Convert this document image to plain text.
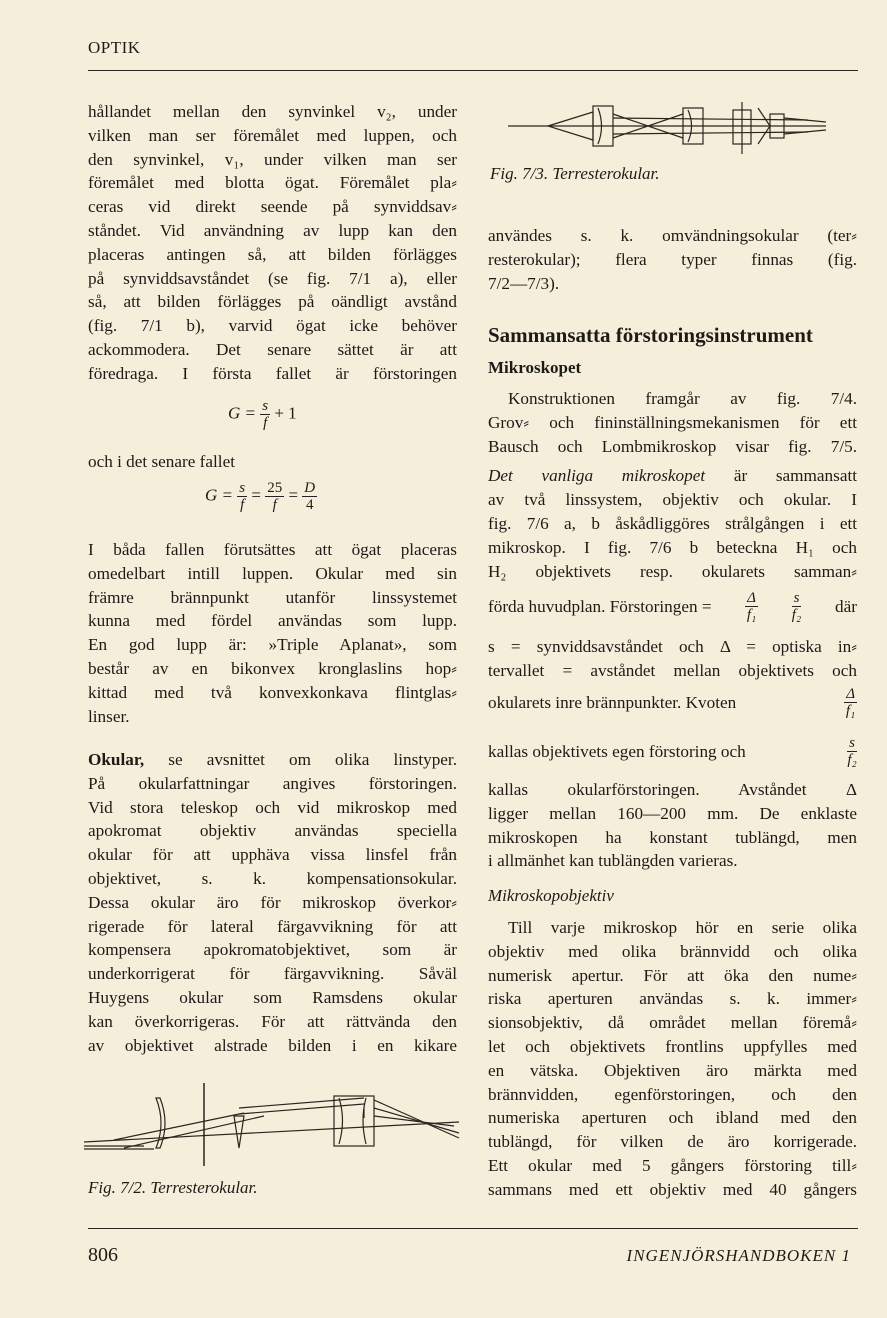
OPTIK
hållandet mellan den synvinkel v₂, under
vilken man ser föremålet med luppen, och
den synvinkel, v₁, under vilken man ser
föremålet med blotta ögat. Föremålet pla⸗
ceras vid direkt seende på synviddsav⸗
ståndet. Vid användning av lupp kan den
placeras antingen så, att bilden förlägges
på synviddsavståndet (se fig. 7/1 a), eller
så, att bilden förlägges på oändligt avstånd
(fig. 7/1 b), varvid ögat icke behöver
ackommodera. Det senare sättet är att
föredraga. I första fallet är förstoringen
$G = \frac{s}{f} + 1$
och i det senare fallet
$G = \frac{s}{f} = \frac{25}{f} = \frac{D}{4}$
I båda fallen förutsättes att ögat placeras
omedelbart intill luppen. Okular med sin
främre brännpunkt utanför linssystemet
kunna med fördel användas som lupp.
En god lupp är: »Triple Aplanat», som
består av en bikonvex kronglaslins hop⸗
kittad med två konvexkonkava flintglas⸗
linser.
Okular, se avsnittet om olika linstyper.
På okularfattningar angives förstoringen.
Vid stora teleskop och vid mikroskop med
apokromat objektiv användas speciella
okular för att upphäva vissa linsfel från
objektivet, s. k. kompensationsokular.
Dessa okular äro för mikroskop överkor⸗
rigerade för lateral färgavvikning för att
kompensera apokromatobjektivet, som är
underkorrigerat för färgavvikning. Såväl
Huygens okular som Ramsdens okular
kan överkorrigeras. För att rättvända den
av objektivet alstrade bilden i en kikare
Fig. 7/2. Terresterokular.
Fig. 7/3. Terresterokular.
användes s. k. omvändningsokular (ter⸗
resterokular); flera typer finnas (fig.
7/2—7/3).
Sammansatta förstoringsinstrument
Mikroskopet
Konstruktionen framgår av fig. 7/4.
Grov⸗ och fininställningsmekanismen för ett
Bausch och Lombmikroskop visar fig. 7/5.
Det vanliga mikroskopet är sammansatt
av två linssystem, objektiv och okular. I
fig. 7/6 a, b åskådliggöres strålgången i ett
mikroskop. I fig. 7/6 b beteckna H₁ och
H₂ objektivets resp. okularets samman⸗
förda huvudplan. Förstoringen = $\frac{\Delta}{\text{f₁}} \frac{s}{\text{f₂}}$ där
s = synviddsavståndet och Δ = optiska in⸗
tervallet = avståndet mellan objektivets och
okularets inre brännpunkter. Kvoten	$\frac{\Delta}{\text{f₁}}$
kallas objektivets egen förstoring och	$\frac{s}{\text{f₂}}$
kallas okularförstoringen. Avståndet Δ
ligger mellan 160—200 mm. De enklaste
mikroskopen ha konstant tublängd, men
i allmänhet kan tublängden varieras.
Mikroskopobjektiv
Till varje mikroskop hör en serie olika
objektiv med olika brännvidd och olika
numerisk apertur. För att öka den nume⸗
riska aperturen användas s. k. immer⸗
sionsobjektiv, då området mellan föremå⸗
let och objektivets frontlins uppfylles med
en vätska. Objektiven äro märkta med
brännvidden, egenförstoringen, och den
numeriska aperturen och ibland med den
tublängd, för vilken de äro korrigerade.
Ett okular med 5 gångers förstoring till⸗
sammans med ett objektiv med 40 gångers
806	INGENJÖRSHANDBOKEN 1
